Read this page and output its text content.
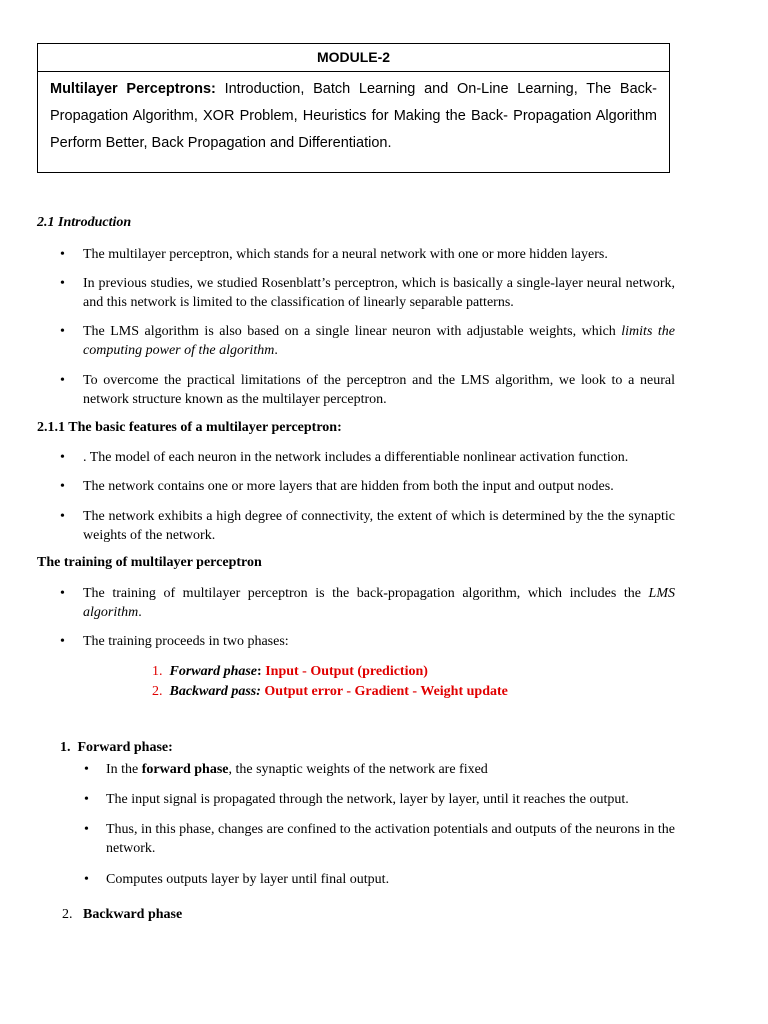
MODULE-2
Multilayer Perceptrons: Introduction, Batch Learning and On-Line Learning, The Back-Propagation Algorithm, XOR Problem, Heuristics for Making the Back- Propagation Algorithm Perform Better, Back Propagation and Differentiation.
2.1 Introduction
• The multilayer perceptron, which stands for a neural network with one or more hidden layers.
• In previous studies, we studied Rosenblatt’s perceptron, which is basically a single-layer neural network, and this network is limited to the classification of linearly separable patterns.
• The LMS algorithm is also based on a single linear neuron with adjustable weights, which limits the computing power of the algorithm.
• To overcome the practical limitations of the perceptron and the LMS algorithm, we look to a neural network structure known as the multilayer perceptron.
2.1.1 The basic features of a multilayer perceptron:
• . The model of each neuron in the network includes a differentiable nonlinear activation function.
• The network contains one or more layers that are hidden from both the input and output nodes.
• The network exhibits a high degree of connectivity, the extent of which is determined by the the synaptic weights of the network.
The training of multilayer perceptron
• The training of multilayer perceptron is the back-propagation algorithm, which includes the LMS algorithm.
• The training proceeds in two phases:
1. Forward phase: Input - Output (prediction)
2. Backward pass: Output error - Gradient - Weight update
1. Forward phase:
• In the forward phase, the synaptic weights of the network are fixed
• The input signal is propagated through the network, layer by layer, until it reaches the output.
• Thus, in this phase, changes are confined to the activation potentials and outputs of the neurons in the network.
• Computes outputs layer by layer until final output.
2. Backward phase
